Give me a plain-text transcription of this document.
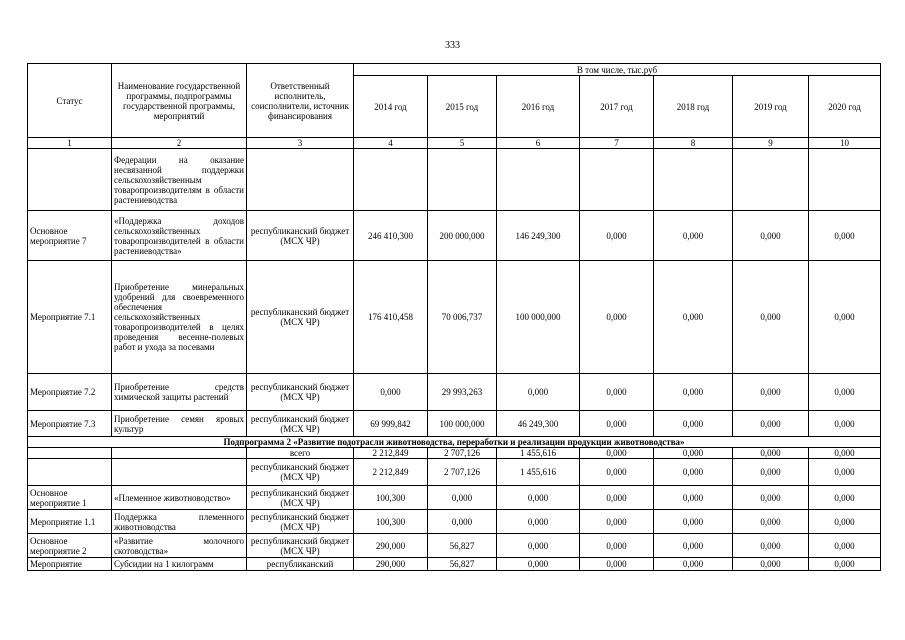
333
Статус	Наименование государственной программы, подпрограммы государственной программы, мероприятий	Ответственный исполнитель, соисполнители, источник финансирования	В том числе, тыс.руб						
			2014 год	2015 год	2016 год	2017 год	2018 год	2019 год	2020 год
1	2	3	4	5	6	7	8	9	10
	Федерации на оказание несвязанной поддержки сельскохозяйственным товаропроизводителям в области растениеводства								
Основное мероприятие 7	«Поддержка доходов сельскохозяйственных товаропроизводителей в области растениеводства»	республиканский бюджет (МСХ ЧР)	246 410,300	200 000,000	146 249,300	0,000	0,000	0,000	0,000
Мероприятие 7.1	Приобретение минеральных удобрений для своевременного обеспечения сельскохозяйственных товаропроизводителей в целях проведения весенне-полевых работ и ухода за посевами	республиканский бюджет (МСХ ЧР)	176 410,458	70 006,737	100 000,000	0,000	0,000	0,000	0,000
Мероприятие 7.2	Приобретение средств химической защиты растений	республиканский бюджет (МСХ ЧР)	0,000	29 993,263	0,000	0,000	0,000	0,000	0,000
Мероприятие 7.3	Приобретение семян яровых культур	республиканский бюджет (МСХ ЧР)	69 999,842	100 000,000	46 249,300	0,000	0,000	0,000	0,000
Подпрограмма 2 «Развитие подотрасли животноводства, переработки и реализации продукции животноводства»									
		всего	2 212,849	2 707,126	1 455,616	0,000	0,000	0,000	0,000
		республиканский бюджет (МСХ ЧР)	2 212,849	2 707,126	1 455,616	0,000	0,000	0,000	0,000
Основное мероприятие 1	«Племенное животноводство»	республиканский бюджет (МСХ ЧР)	100,300	0,000	0,000	0,000	0,000	0,000	0,000
Мероприятие 1.1	Поддержка племенного животноводства	республиканский бюджет (МСХ ЧР)	100,300	0,000	0,000	0,000	0,000	0,000	0,000
Основное мероприятие 2	«Развитие молочного скотоводства»	республиканский бюджет (МСХ ЧР)	290,000	56,827	0,000	0,000	0,000	0,000	0,000
Мероприятие	Субсидии на 1 килограмм	республиканский	290,000	56,827	0,000	0,000	0,000	0,000	0,000
